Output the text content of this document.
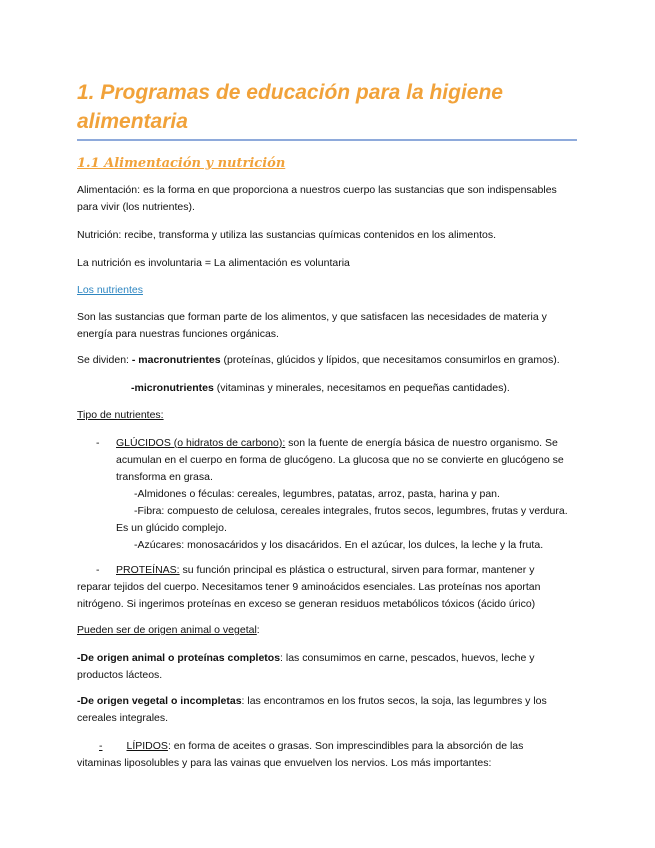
1. Programas de educación para la higiene alimentaria
1.1 Alimentación y nutrición

Alimentación: es la forma en que proporciona a nuestros cuerpo las sustancias que son indispensables para vivir (los nutrientes).

Nutrición: recibe, transforma y utiliza las sustancias químicas contenidos en los alimentos.

La nutrición es involuntaria = La alimentación es voluntaria

Los nutrientes

Son las sustancias que forman parte de los alimentos, y que satisfacen las necesidades de materia y energía para nuestras funciones orgánicas.

Se dividen: - macronutrientes (proteínas, glúcidos y lípidos, que necesitamos consumirlos en gramos).

-micronutrientes (vitaminas y minerales, necesitamos en pequeñas cantidades).

Tipo de nutrientes:

- GLÚCIDOS (o hidratos de carbono): son la fuente de energía básica de nuestro organismo. Se acumulan en el cuerpo en forma de glucógeno. La glucosa que no se convierte en glucógeno se transforma en grasa.

-Almidones o féculas: cereales, legumbres, patatas, arroz, pasta, harina y pan.

-Fibra: compuesto de celulosa, cereales integrales, frutos secos, legumbres, frutas y verdura.

Es un glúcido complejo.

-Azúcares: monosacáridos y los disacáridos. En el azúcar, los dulces, la leche y la fruta.

-	PROTEÍNAS: su función principal es plástica o estructural, sirven para formar, mantener y reparar tejidos del cuerpo. Necesitamos tener 9 aminoácidos esenciales. Las proteínas nos aportan nitrógeno. Si ingerimos proteínas en exceso se generan residuos metabólicos tóxicos (ácido úrico)

Pueden ser de origen animal o vegetal:

-De origen animal o proteínas completos: las consumimos en carne, pescados, huevos, leche y productos lácteos.

-De origen vegetal o incompletas: las encontramos en los frutos secos, la soja, las legumbres y los cereales integrales.

- LÍPIDOS: en forma de aceites o grasas. Son imprescindibles para la absorción de las vitaminas liposolubles y para las vainas que envuelven los nervios. Los más importantes:
